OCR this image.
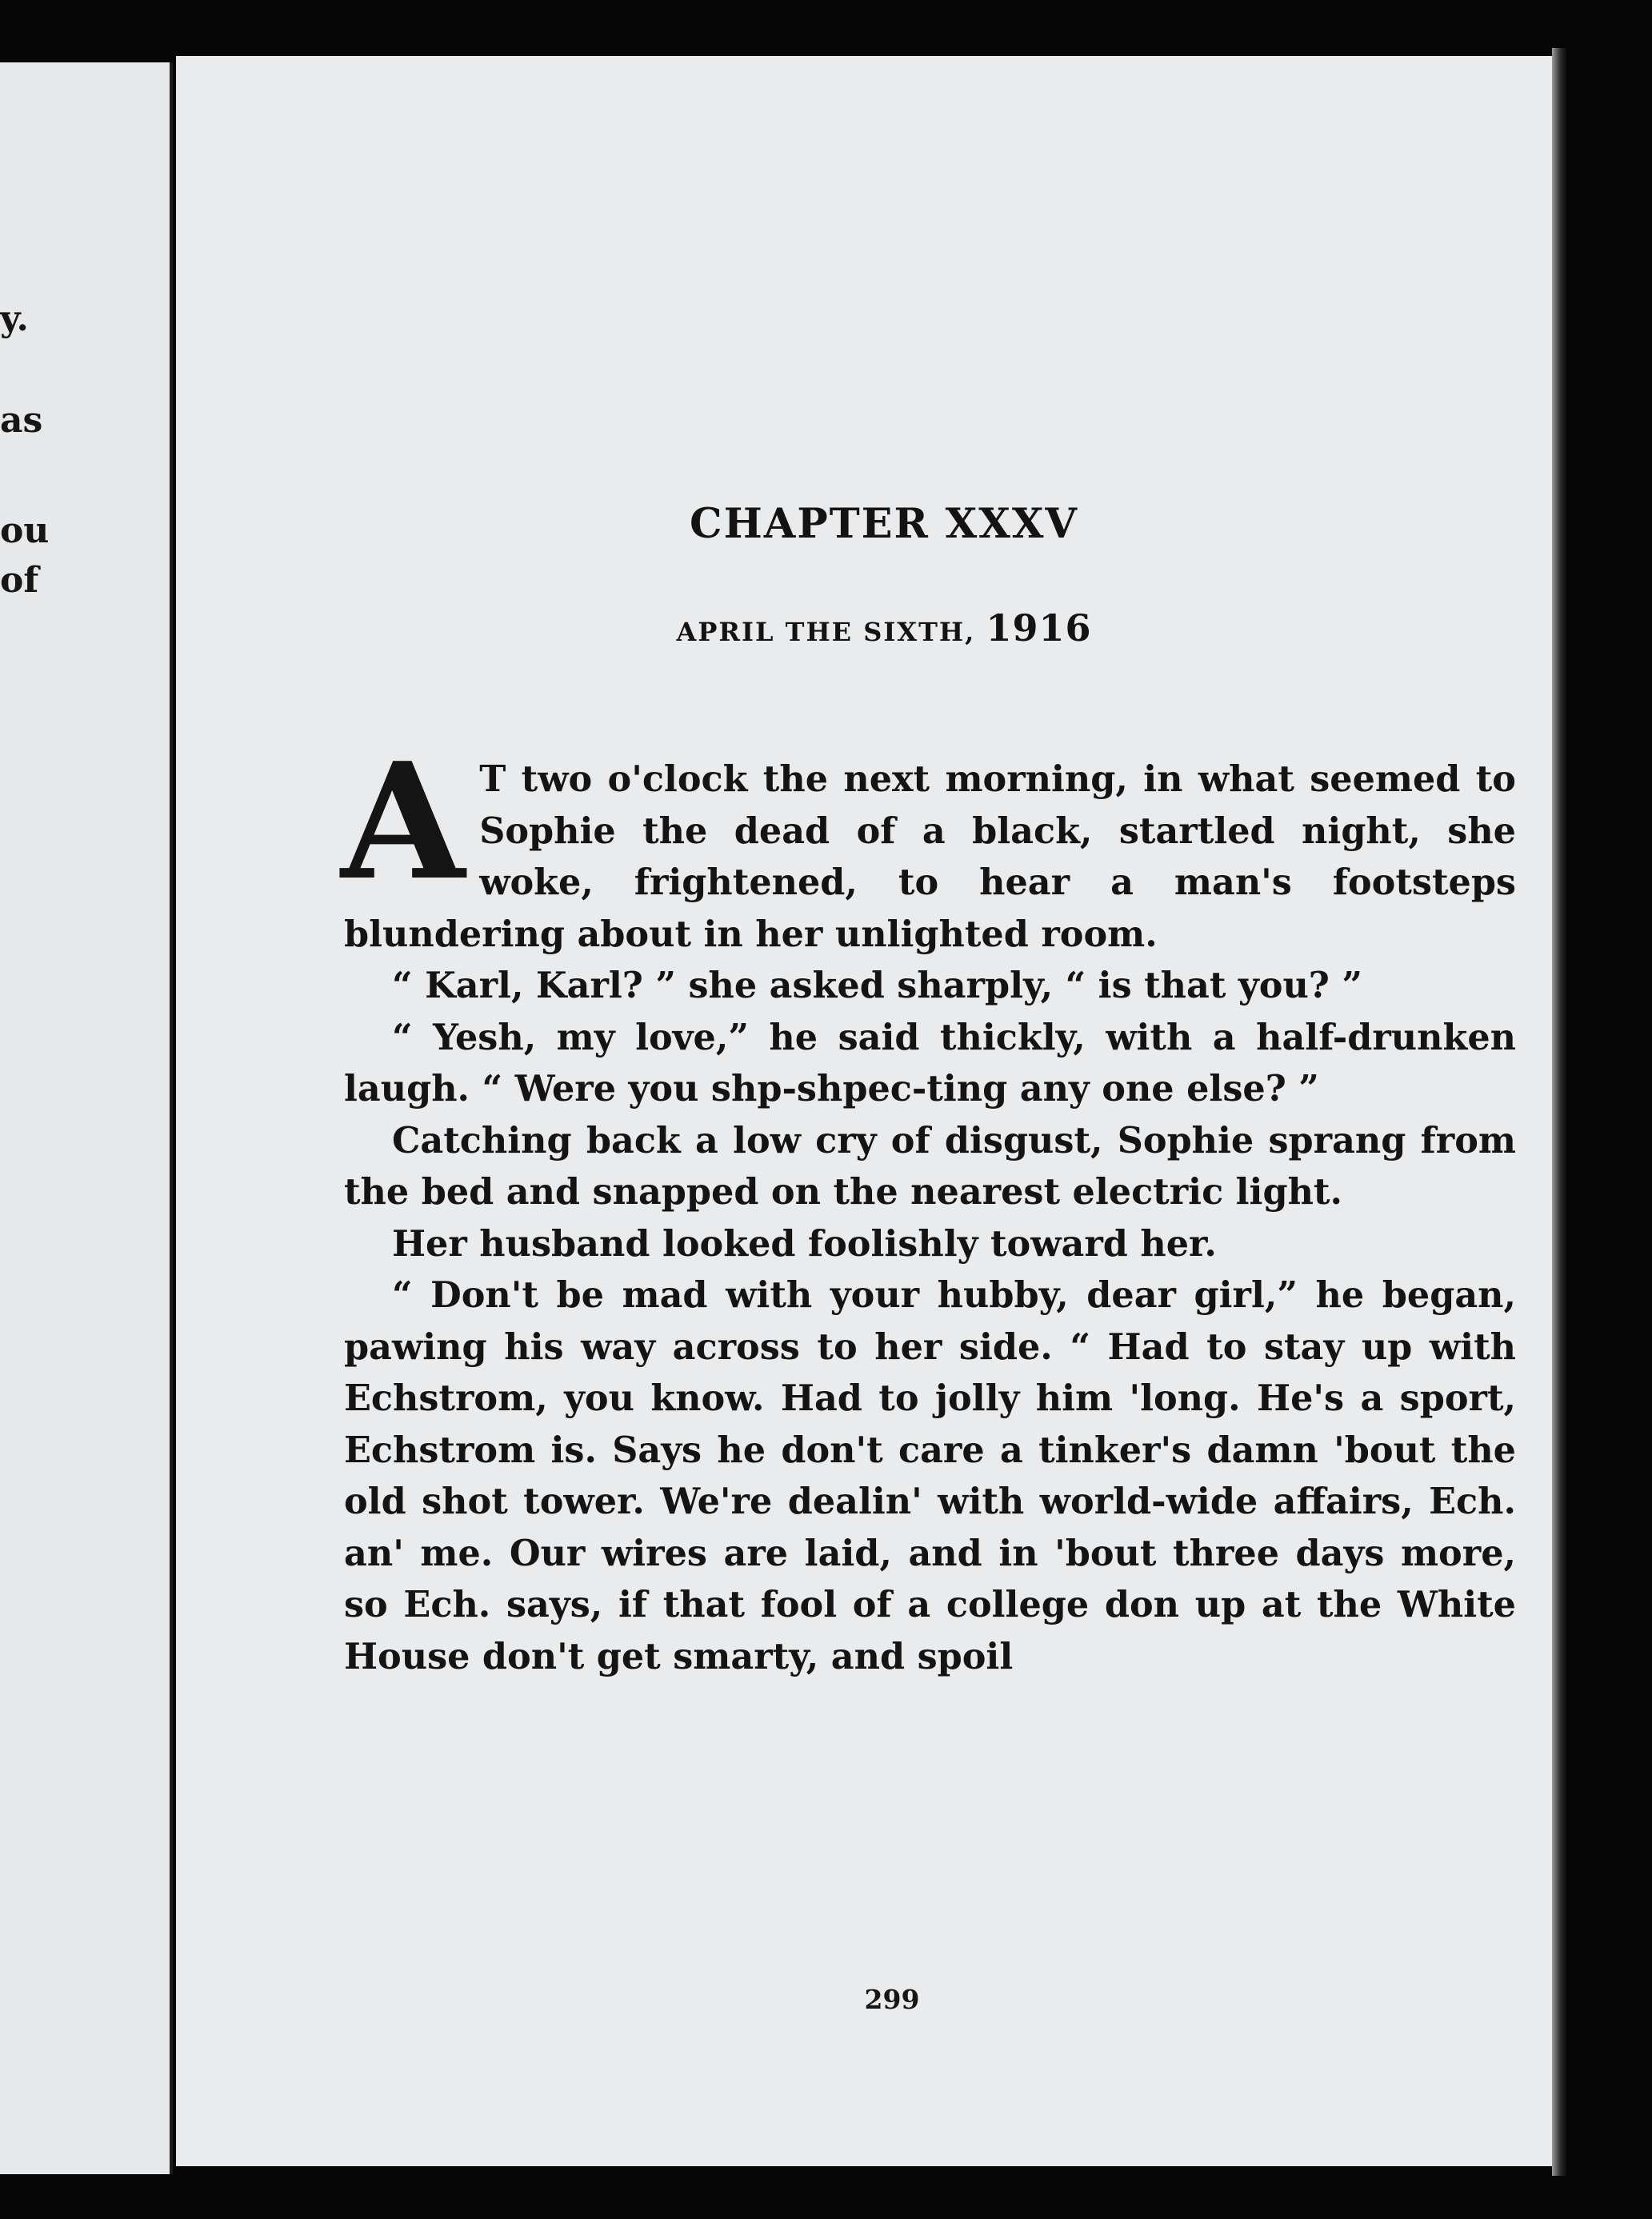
y.
as
ou
of
CHAPTER XXXV
APRIL THE SIXTH, 1916

A T two o'clock the next morning, in what seemed to Sophie the dead of a black, startled night, she woke, frightened, to hear a man's footsteps blundering about in her unlighted room.

“ Karl, Karl? ” she asked sharply, “ is that you? ”

“ Yesh, my love,” he said thickly, with a half-drunken laugh. “ Were you shp-shpec-ting any one else? ”

Catching back a low cry of disgust, Sophie sprang from the bed and snapped on the nearest electric light.

Her husband looked foolishly toward her.

“ Don't be mad with your hubby, dear girl,” he began, pawing his way across to her side. “ Had to stay up with Echstrom, you know. Had to jolly him 'long. He's a sport, Echstrom is. Says he don't care a tinker's damn 'bout the old shot tower. We're dealin' with world-wide affairs, Ech. an' me. Our wires are laid, and in 'bout three days more, so Ech. says, if that fool of a college don up at the White House don't get smarty, and spoil

299
